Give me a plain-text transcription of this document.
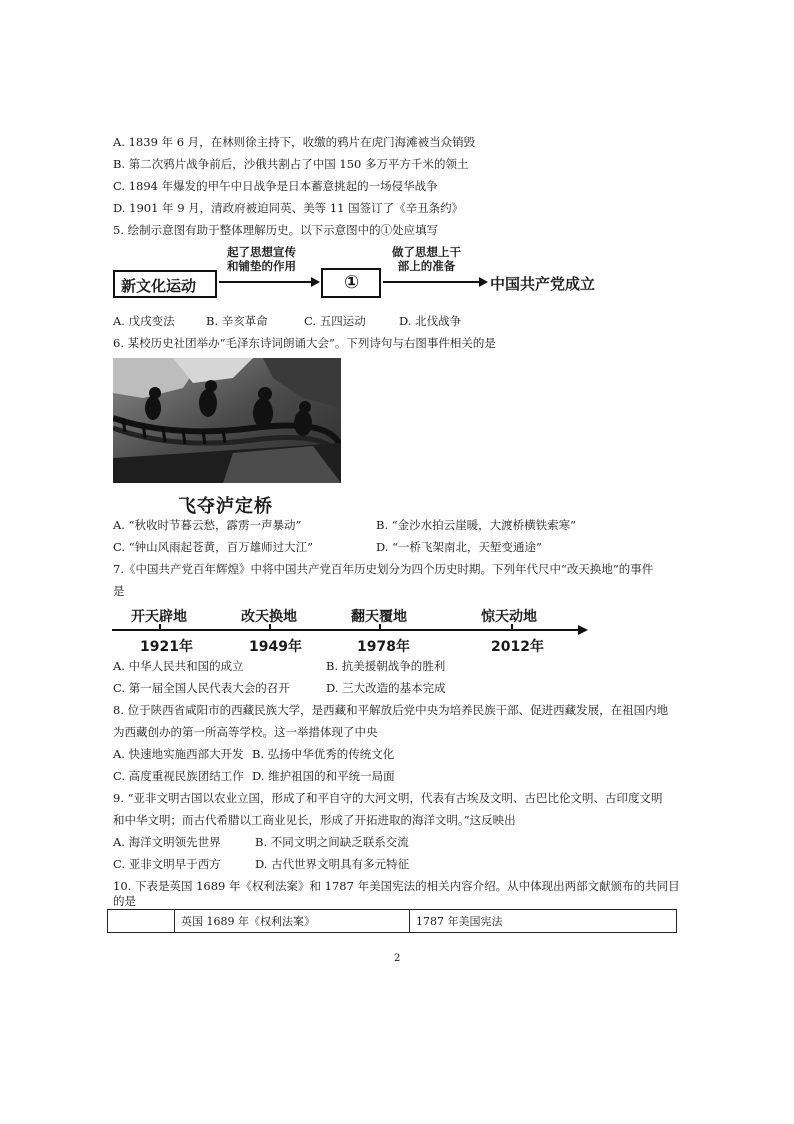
A. 1839 年 6 月，在林则徐主持下，收缴的鸦片在虎门海滩被当众销毁
B. 第二次鸦片战争前后，沙俄共割占了中国 150 多万平方千米的领土
C. 1894 年爆发的甲午中日战争是日本蓄意挑起的一场侵华战争
D. 1901 年 9 月，清政府被迫同英、美等 11 国签订了《辛丑条约》
5. 绘制示意图有助于整体理解历史。以下示意图中的①处应填写
新文化运动
起了思想宣传
和铺垫的作用
①
做了思想上干
部上的准备
中国共产党成立
A. 戊戌变法	B. 辛亥革命	C. 五四运动	D. 北伐战争
6. 某校历史社团举办“毛泽东诗词朗诵大会”。下列诗句与右图事件相关的是
飞夺泸定桥
A. “秋收时节暮云愁，霹雳一声暴动”	B. “金沙水拍云崖暖，大渡桥横铁索寒”
C. “钟山风雨起苍黄，百万雄师过大江”	D. “一桥飞架南北，天堑变通途”
7.《中国共产党百年辉煌》中将中国共产党百年历史划分为四个历史时期。下列年代尺中“改天换地”的事件
是
开天辟地	改天换地	翻天覆地	惊天动地
1921年	1949年	1978年	2012年
A. 中华人民共和国的成立	B. 抗美援朝战争的胜利
C. 第一届全国人民代表大会的召开	D. 三大改造的基本完成
8. 位于陕西省咸阳市的西藏民族大学，是西藏和平解放后党中央为培养民族干部、促进西藏发展，在祖国内地
为西藏创办的第一所高等学校。这一举措体现了中央
A. 快速地实施西部大开发 B. 弘扬中华优秀的传统文化
C. 高度重视民族团结工作 D. 维护祖国的和平统一局面
9. “亚非文明古国以农业立国，形成了和平自守的大河文明，代表有古埃及文明、古巴比伦文明、古印度文明
和中华文明；而古代希腊以工商业见长，形成了开拓进取的海洋文明。”这反映出
A. 海洋文明领先世界	B. 不同文明之间缺乏联系交流
C. 亚非文明早于西方	D. 古代世界文明具有多元特征
10. 下表是英国 1689 年《权利法案》和 1787 年美国宪法的相关内容介绍。从中体现出两部文献颁布的共同目
的是
	英国 1689 年《权利法案》	1787 年美国宪法
2
